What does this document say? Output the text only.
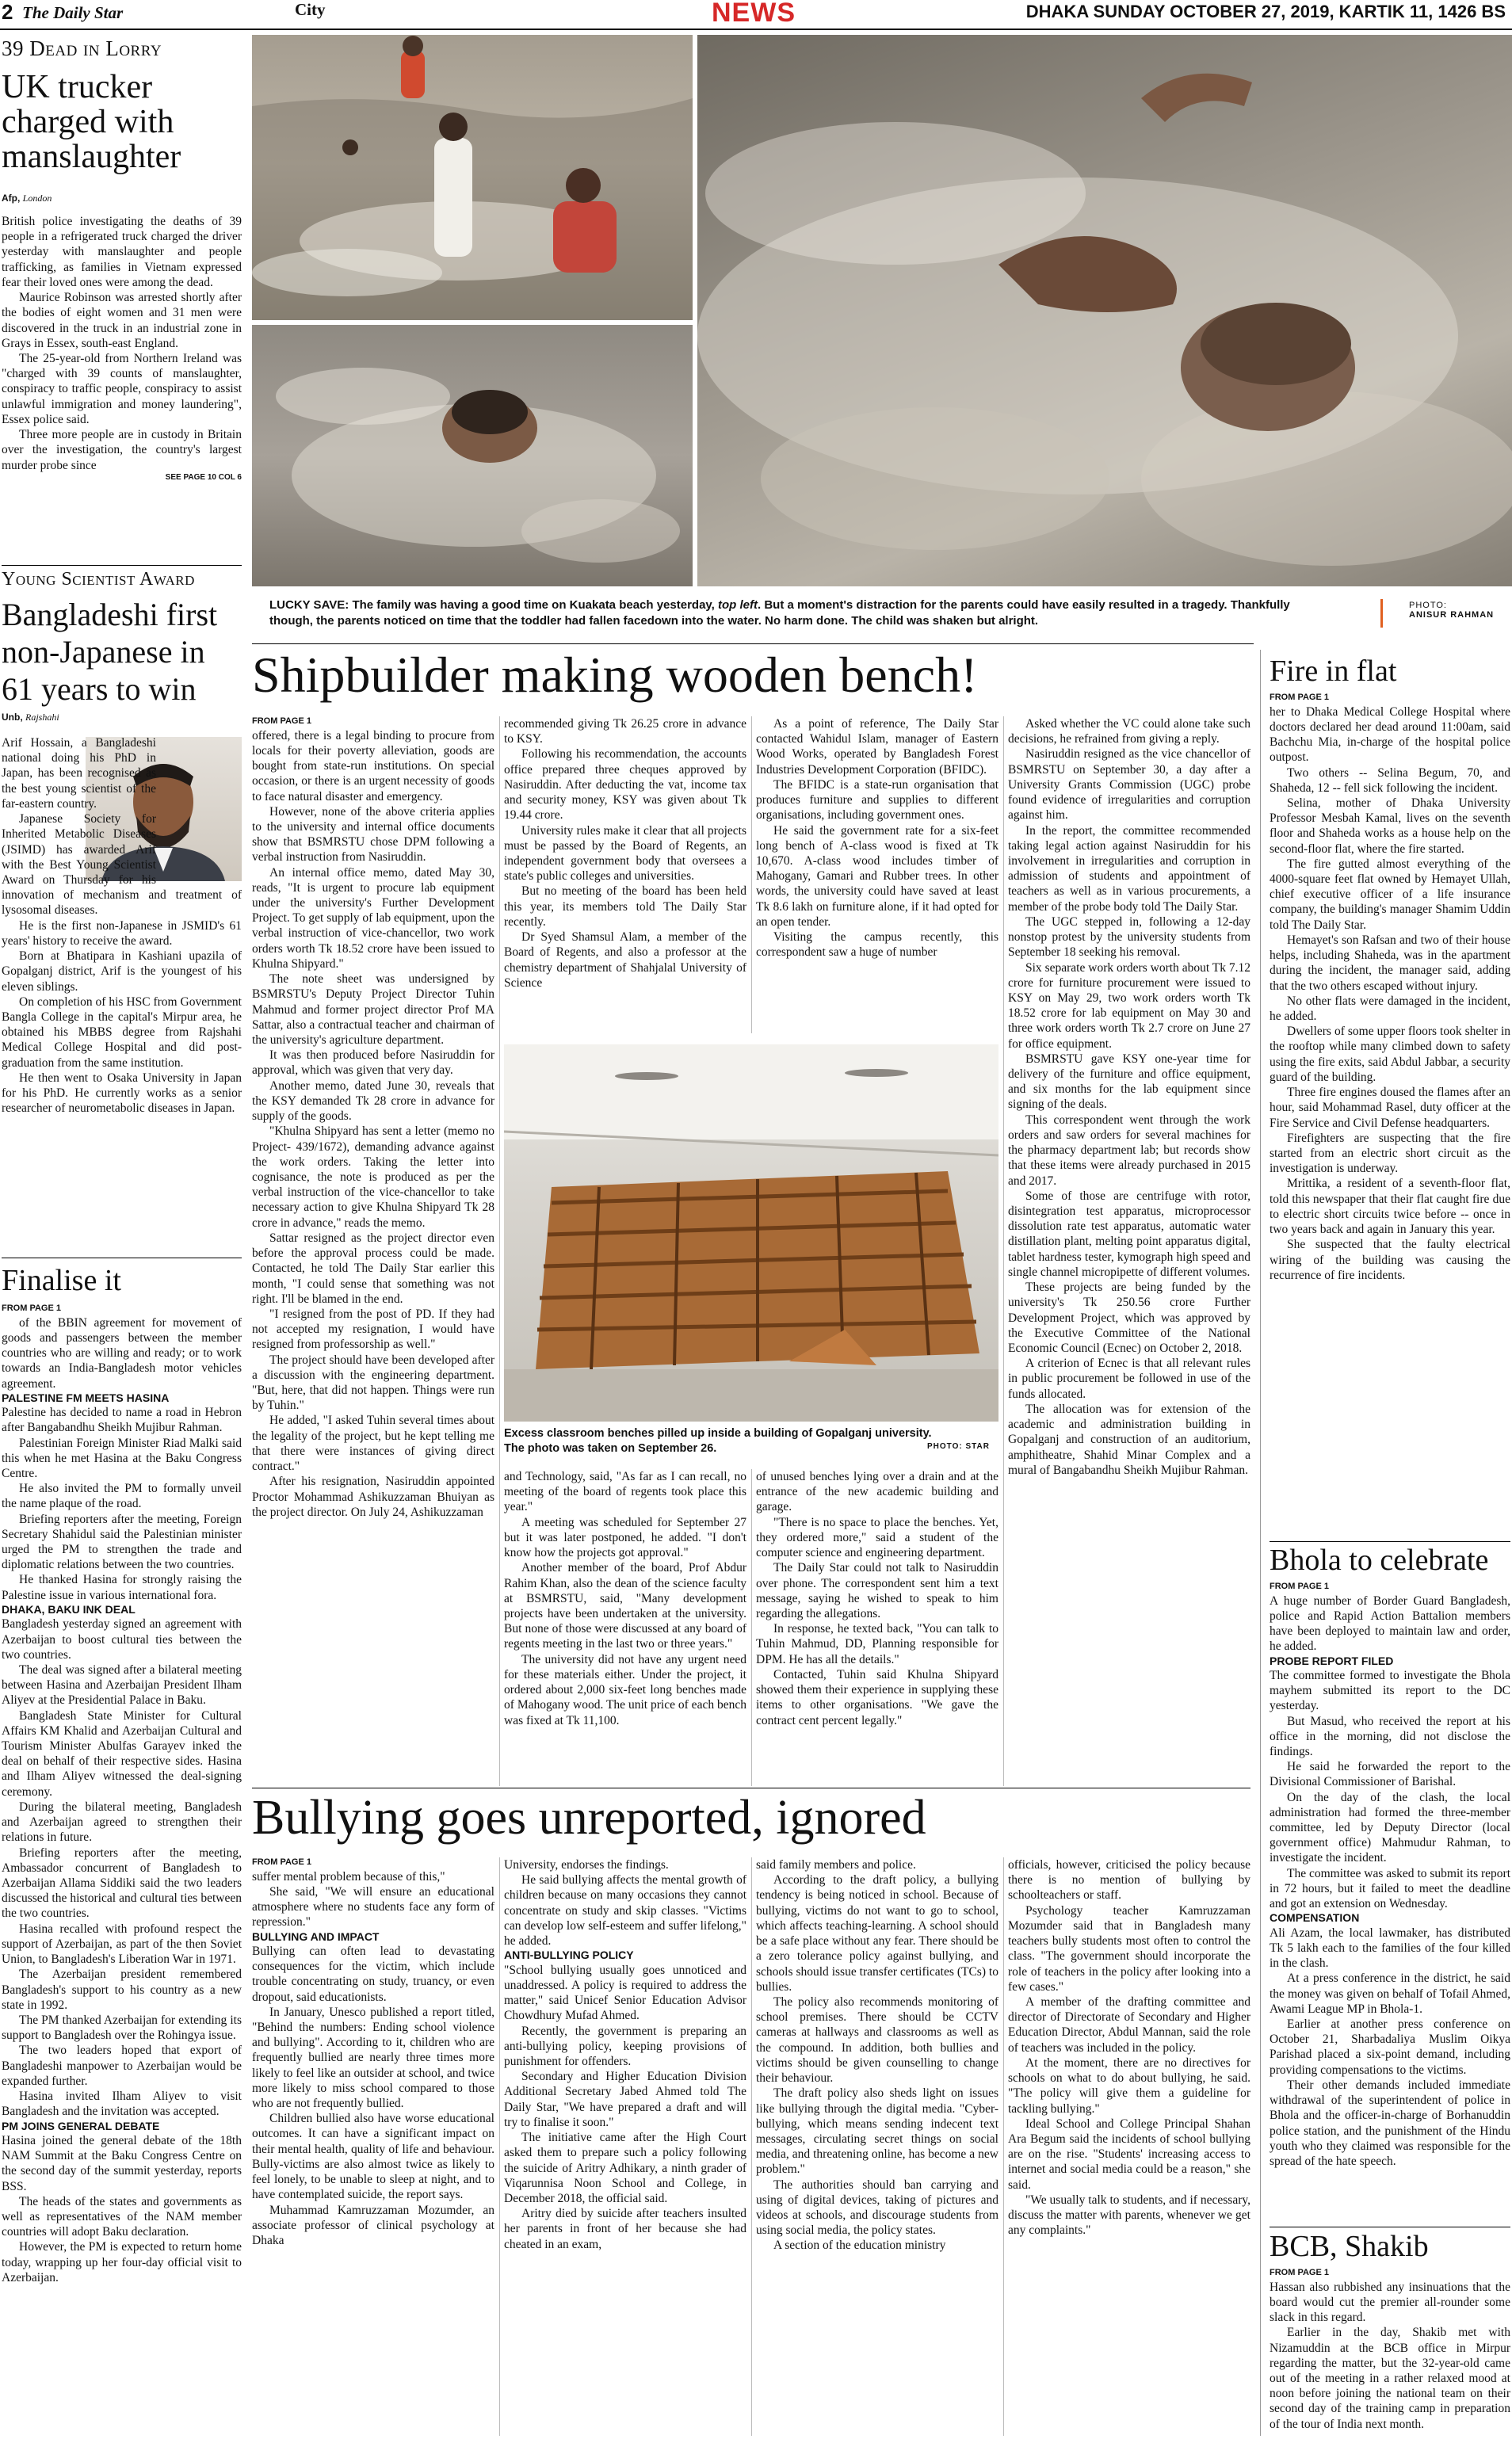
2 The Daily Star	City	NEWS	DHAKA SUNDAY OCTOBER 27, 2019, KARTIK 11, 1426 BS
39 Dead in Lorry
UK trucker charged with manslaughter
Afp, London

British police investigating the deaths of 39 people in a refrigerated truck charged the driver yesterday with manslaughter and people trafficking, as families in Vietnam expressed fear their loved ones were among the dead.

Maurice Robinson was arrested shortly after the bodies of eight women and 31 men were discovered in the truck in an industrial zone in Grays in Essex, south-east England.

The 25-year-old from Northern Ireland was "charged with 39 counts of manslaughter, conspiracy to traffic people, conspiracy to assist unlawful immigration and money laundering", Essex police said.

Three more people are in custody in Britain over the investigation, the country's largest murder probe since

SEE PAGE 10 COL 6

Young Scientist Award
Bangladeshi first non-Japanese in 61 years to win
Unb, Rajshahi

Arif Hossain, a Bangladeshi national doing his PhD in Japan, has been recognised as the best young scientist of the far-eastern country.

Japanese Society for Inherited Metabolic Diseases (JSIMD) has awarded Arif with the Best Young Scientist Award on Thursday for his innovation of mechanism and treatment of lysosomal diseases.

He is the first non-Japanese in JSMID's 61 years' history to receive the award.

Born at Bhatipara in Kashiani upazila of Gopalganj district, Arif is the youngest of his eleven siblings.

On completion of his HSC from Government Bangla College in the capital's Mirpur area, he obtained his MBBS degree from Rajshahi Medical College Hospital and did post-graduation from the same institution.

He then went to Osaka University in Japan for his PhD. He currently works as a senior researcher of neurometabolic diseases in Japan.

Finalise it

FROM PAGE 1

of the BBIN agreement for movement of goods and passengers between the member countries who are willing and ready; or to work towards an India-Bangladesh motor vehicles agreement.

PALESTINE FM MEETS HASINA

Palestine has decided to name a road in Hebron after Bangabandhu Sheikh Mujibur Rahman.

Palestinian Foreign Minister Riad Malki said this when he met Hasina at the Baku Congress Centre.

He also invited the PM to formally unveil the name plaque of the road.

Briefing reporters after the meeting, Foreign Secretary Shahidul said the Palestinian minister urged the PM to strengthen the trade and diplomatic relations between the two countries.

He thanked Hasina for strongly raising the Palestine issue in various international fora.

DHAKA, BAKU INK DEAL

Bangladesh yesterday signed an agreement with Azerbaijan to boost cultural ties between the two countries.

The deal was signed after a bilateral meeting between Hasina and Azerbaijan President Ilham Aliyev at the Presidential Palace in Baku.

Bangladesh State Minister for Cultural Affairs KM Khalid and Azerbaijan Cultural and Tourism Minister Abulfas Garayev inked the deal on behalf of their respective sides. Hasina and Ilham Aliyev witnessed the deal-signing ceremony.

During the bilateral meeting, Bangladesh and Azerbaijan agreed to strengthen their relations in future.

Briefing reporters after the meeting, Ambassador concurrent of Bangladesh to Azerbaijan Allama Siddiki said the two leaders discussed the historical and cultural ties between the two countries.

Hasina recalled with profound respect the support of Azerbaijan, as part of the then Soviet Union, to Bangladesh's Liberation War in 1971.

The Azerbaijan president remembered Bangladesh's support to his country as a new state in 1992.

The PM thanked Azerbaijan for extending its support to Bangladesh over the Rohingya issue.

The two leaders hoped that export of Bangladeshi manpower to Azerbaijan would be expanded further.

Hasina invited Ilham Aliyev to visit Bangladesh and the invitation was accepted.

PM JOINS GENERAL DEBATE

Hasina joined the general debate of the 18th NAM Summit at the Baku Congress Centre on the second day of the summit yesterday, reports BSS.

The heads of the states and governments as well as representatives of the NAM member countries will adopt Baku declaration.

However, the PM is expected to return home today, wrapping up her four-day official visit to Azerbaijan.

LUCKY SAVE: The family was having a good time on Kuakata beach yesterday, top left. But a moment's distraction for the parents could have easily resulted in a tragedy. Thankfully though, the parents noticed on time that the toddler had fallen facedown into the water. No harm done. The child was shaken but alright.
PHOTO:
ANISUR RAHMAN
Shipbuilder making wooden bench!

FROM PAGE 1

offered, there is a legal binding to procure from locals for their poverty alleviation, goods are bought from state-run institutions. On special occasion, or there is an urgent necessity of goods to face natural disaster and emergency.

However, none of the above criteria applies to the university and internal office documents show that BSMRSTU chose DPM following a verbal instruction from Nasiruddin.

An internal office memo, dated May 30, reads, "It is urgent to procure lab equipment under the university's Further Development Project. To get supply of lab equipment, upon the verbal instruction of vice-chancellor, two work orders worth Tk 18.52 crore have been issued to Khulna Shipyard."

The note sheet was undersigned by BSMRSTU's Deputy Project Director Tuhin Mahmud and former project director Prof MA Sattar, also a contractual teacher and chairman of the university's agriculture department.

It was then produced before Nasiruddin for approval, which was given that very day.

Another memo, dated June 30, reveals that the KSY demanded Tk 28 crore in advance for supply of the goods.

"Khulna Shipyard has sent a letter (memo no Project- 439/1672), demanding advance against the work orders. Taking the letter into cognisance, the note is produced as per the verbal instruction of the vice-chancellor to take necessary action to give Khulna Shipyard Tk 28 crore in advance," reads the memo.

Sattar resigned as the project director even before the approval process could be made. Contacted, he told The Daily Star earlier this month, "I could sense that something was not right. I'll be blamed in the end.

"I resigned from the post of PD. If they had not accepted my resignation, I would have resigned from professorship as well."

The project should have been developed after a discussion with the engineering department. "But, here, that did not happen. Things were run by Tuhin."

He added, "I asked Tuhin several times about the legality of the project, but he kept telling me that there were instances of giving direct contract."

After his resignation, Nasiruddin appointed Proctor Mohammad Ashikuzzaman Bhuiyan as the project director. On July 24, Ashikuzzaman

recommended giving Tk 26.25 crore in advance to KSY.

Following his recommendation, the accounts office prepared three cheques approved by Nasiruddin. After deducting the vat, income tax and security money, KSY was given about Tk 19.44 crore.

University rules make it clear that all projects must be passed by the Board of Regents, an independent government body that oversees a state's public colleges and universities.

But no meeting of the board has been held this year, its members told The Daily Star recently.

Dr Syed Shamsul Alam, a member of the Board of Regents, and also a professor at the chemistry department of Shahjalal University of Science

As a point of reference, The Daily Star contacted Wahidul Islam, manager of Eastern Wood Works, operated by Bangladesh Forest Industries Development Corporation (BFIDC).

The BFIDC is a state-run organisation that produces furniture and supplies to different organisations, including government ones.

He said the government rate for a six-feet long bench of A-class wood is fixed at Tk 10,670. A-class wood includes timber of Mahogany, Gamari and Rubber trees. In other words, the university could have saved at least Tk 8.6 lakh on furniture alone, if it had opted for an open tender.

Visiting the campus recently, this correspondent saw a huge of number

Asked whether the VC could alone take such decisions, he refrained from giving a reply.

Nasiruddin resigned as the vice chancellor of BSMRSTU on September 30, a day after a University Grants Commission (UGC) probe found evidence of irregularities and corruption against him.

In the report, the committee recommended taking legal action against Nasiruddin for his involvement in irregularities and corruption in admission of students and appointment of teachers as well as in various procurements, a member of the probe body told The Daily Star.

The UGC stepped in, following a 12-day nonstop protest by the university students from September 18 seeking his removal.

Six separate work orders worth about Tk 7.12 crore for furniture procurement were issued to KSY on May 29, two work orders worth Tk 18.52 crore for lab equipment on May 30 and three work orders worth Tk 2.7 crore on June 27 for office equipment.

BSMRSTU gave KSY one-year time for delivery of the furniture and office equipment, and six months for the lab equipment since signing of the deals.

This correspondent went through the work orders and saw orders for several machines for the pharmacy department lab; but records show that these items were already purchased in 2015 and 2017.

Some of those are centrifuge with rotor, disintegration test apparatus, microprocessor dissolution rate test apparatus, automatic water distillation plant, melting point apparatus digital, tablet hardness tester, kymograph high speed and single channel micropipette of different volumes.

These projects are being funded by the university's Tk 250.56 crore Further Development Project, which was approved by the Executive Committee of the National Economic Council (Ecnec) on October 2, 2018.

A criterion of Ecnec is that all relevant rules in public procurement be followed in use of the funds allocated.

The allocation was for extension of the academic and administration building in Gopalganj and construction of an auditorium, amphitheatre, Shahid Minar Complex and a mural of Bangabandhu Sheikh Mujibur Rahman.

Excess classroom benches pilled up inside a building of Gopalganj university. The photo was taken on September 26.	PHOTO: STAR

and Technology, said, "As far as I can recall, no meeting of the board of regents took place this year."

A meeting was scheduled for September 27 but it was later postponed, he added. "I don't know how the projects got approval."

Another member of the board, Prof Abdur Rahim Khan, also the dean of the science faculty at BSMRSTU, said, "Many development projects have been undertaken at the university. But none of those were discussed at any board of regents meeting in the last two or three years."

The university did not have any urgent need for these materials either. Under the project, it ordered about 2,000 six-feet long benches made of Mahogany wood. The unit price of each bench was fixed at Tk 11,100.

of unused benches lying over a drain and at the entrance of the new academic building and garage.

"There is no space to place the benches. Yet, they ordered more," said a student of the computer science and engineering department.

The Daily Star could not talk to Nasiruddin over phone. The correspondent sent him a text message, saying he wished to speak to him regarding the allegations.

In response, he texted back, "You can talk to Tuhin Mahmud, DD, Planning responsible for DPM. He has all the details."

Contacted, Tuhin said Khulna Shipyard showed them their experience in supplying these items to other organisations. "We gave the contract cent percent legally."

Bullying goes unreported, ignored

FROM PAGE 1

suffer mental problem because of this,"

She said, "We will ensure an educational atmosphere where no students face any form of repression."

BULLYING AND IMPACT

Bullying can often lead to devastating consequences for the victim, which include trouble concentrating on study, truancy, or even dropout, said educationists.

In January, Unesco published a report titled, "Behind the numbers: Ending school violence and bullying". According to it, children who are frequently bullied are nearly three times more likely to feel like an outsider at school, and twice more likely to miss school compared to those who are not frequently bullied.

Children bullied also have worse educational outcomes. It can have a significant impact on their mental health, quality of life and behaviour. Bully-victims are also almost twice as likely to feel lonely, to be unable to sleep at night, and to have contemplated suicide, the report says.

Muhammad Kamruzzaman Mozumder, an associate professor of clinical psychology at Dhaka

University, endorses the findings.

He said bullying affects the mental growth of children because on many occasions they cannot concentrate on study and skip classes. "Victims can develop low self-esteem and suffer lifelong," he added.

ANTI-BULLYING POLICY

"School bullying usually goes unnoticed and unaddressed. A policy is required to address the matter," said Unicef Senior Education Advisor Chowdhury Mufad Ahmed.

Recently, the government is preparing an anti-bullying policy, keeping provisions of punishment for offenders.

Secondary and Higher Education Division Additional Secretary Jabed Ahmed told The Daily Star, "We have prepared a draft and will try to finalise it soon."

The initiative came after the High Court asked them to prepare such a policy following the suicide of Aritry Adhikary, a ninth grader of Viqarunnisa Noon School and College, in December 2018, the official said.

Aritry died by suicide after teachers insulted her parents in front of her because she had cheated in an exam,

said family members and police.

According to the draft policy, a bullying tendency is being noticed in school. Because of bullying, victims do not want to go to school, which affects teaching-learning. A school should be a safe place without any fear. There should be a zero tolerance policy against bullying, and schools should issue transfer certificates (TCs) to bullies.

The policy also recommends monitoring of school premises. There should be CCTV cameras at hallways and classrooms as well as the compound. In addition, both bullies and victims should be given counselling to change their behaviour.

The draft policy also sheds light on issues like bullying through the digital media. "Cyber-bullying, which means sending indecent text messages, circulating secret things on social media, and threatening online, has become a new problem."

The authorities should ban carrying and using of digital devices, taking of pictures and videos at schools, and discourage students from using social media, the policy states.

A section of the education ministry

officials, however, criticised the policy because there is no mention of bullying by schoolteachers or staff.

Psychology teacher Kamruzzaman Mozumder said that in Bangladesh many teachers bully students most often to control the class. "The government should incorporate the role of teachers in the policy after looking into a few cases."

A member of the drafting committee and director of Directorate of Secondary and Higher Education Director, Abdul Mannan, said the role of teachers was included in the policy.

At the moment, there are no directives for schools on what to do about bullying, he said. "The policy will give them a guideline for tackling bullying."

Ideal School and College Principal Shahan Ara Begum said the incidents of school bullying are on the rise. "Students' increasing access to internet and social media could be a reason," she said.

"We usually talk to students, and if necessary, discuss the matter with parents, whenever we get any complaints."

Fire in flat

FROM PAGE 1

her to Dhaka Medical College Hospital where doctors declared her dead around 11:00am, said Bachchu Mia, in-charge of the hospital police outpost.

Two others -- Selina Begum, 70, and Shaheda, 12 -- fell sick following the incident.

Selina, mother of Dhaka University Professor Mesbah Kamal, lives on the seventh floor and Shaheda works as a house help on the second-floor flat, where the fire started.

The fire gutted almost everything of the 4000-square feet flat owned by Hemayet Ullah, chief executive officer of a life insurance company, the building's manager Shamim Uddin told The Daily Star.

Hemayet's son Rafsan and two of their house helps, including Shaheda, was in the apartment during the incident, the manager said, adding that the two others escaped without injury.

No other flats were damaged in the incident, he added.

Dwellers of some upper floors took shelter in the rooftop while many climbed down to safety using the fire exits, said Abdul Jabbar, a security guard of the building.

Three fire engines doused the flames after an hour, said Mohammad Rasel, duty officer at the Fire Service and Civil Defense headquarters.

Firefighters are suspecting that the fire started from an electric short circuit as the investigation is underway.

Mrittika, a resident of a seventh-floor flat, told this newspaper that their flat caught fire due to electric short circuits twice before -- once in two years back and again in January this year.

She suspected that the faulty electrical wiring of the building was causing the recurrence of fire incidents.

Bhola to celebrate

FROM PAGE 1

A huge number of Border Guard Bangladesh, police and Rapid Action Battalion members have been deployed to maintain law and order, he added.

PROBE REPORT FILED

The committee formed to investigate the Bhola mayhem submitted its report to the DC yesterday.

But Masud, who received the report at his office in the morning, did not disclose the findings.

He said he forwarded the report to the Divisional Commissioner of Barishal.

On the day of the clash, the local administration had formed the three-member committee, led by Deputy Director (local government office) Mahmudur Rahman, to investigate the incident.

The committee was asked to submit its report in 72 hours, but it failed to meet the deadline and got an extension on Wednesday.

COMPENSATION

Ali Azam, the local lawmaker, has distributed Tk 5 lakh each to the families of the four killed in the clash.

At a press conference in the district, he said the money was given on behalf of Tofail Ahmed, Awami League MP in Bhola-1.

Earlier at another press conference on October 21, Sharbadaliya Muslim Oikya Parishad placed a six-point demand, including providing compensations to the victims.

Their other demands included immediate withdrawal of the superintendent of police in Bhola and the officer-in-charge of Borhanuddin police station, and the punishment of the Hindu youth who they claimed was responsible for the spread of the hate speech.

BCB, Shakib

FROM PAGE 1

Hassan also rubbished any insinuations that the board would cut the premier all-rounder some slack in this regard.

Earlier in the day, Shakib met with Nizamuddin at the BCB office in Mirpur regarding the matter, but the 32-year-old came out of the meeting in a rather relaxed mood at noon before joining the national team on their second day of the training camp in preparation of the tour of India next month.
